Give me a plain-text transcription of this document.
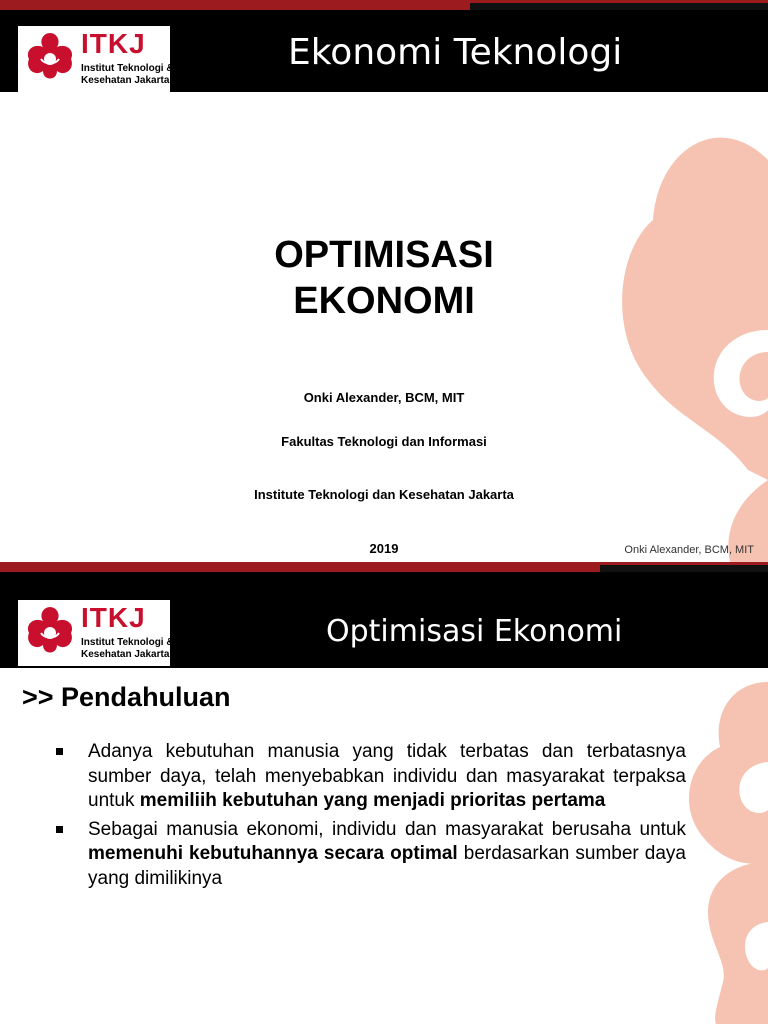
ITKJ
Institut Teknologi &
Kesehatan Jakarta
Ekonomi Teknologi
OPTIMISASI
EKONOMI
Onki Alexander, BCM, MIT
Fakultas Teknologi dan Informasi
Institute Teknologi dan Kesehatan Jakarta
2019	Onki Alexander, BCM, MIT
ITKJ
Institut Teknologi &
Kesehatan Jakarta
Optimisasi Ekonomi
>> Pendahuluan
Adanya kebutuhan manusia yang tidak terbatas dan terbatasnya sumber daya, telah menyebabkan individu dan masyarakat terpaksa untuk memiliih kebutuhan yang menjadi prioritas pertama
Sebagai manusia ekonomi, individu dan masyarakat berusaha untuk memenuhi kebutuhannya secara optimal berdasarkan sumber daya yang dimilikinya
